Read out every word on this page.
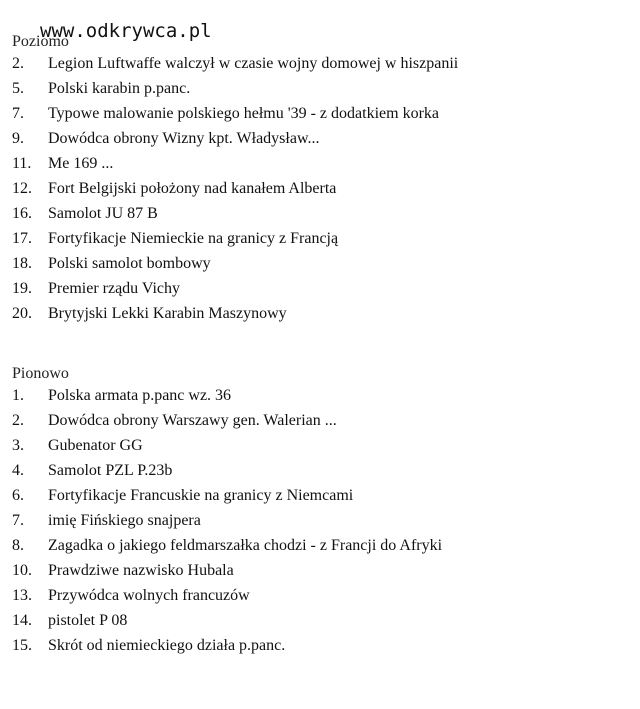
www.odkrywca.pl
Poziomo
2.	Legion Luftwaffe walczył w czasie wojny domowej w hiszpanii
5.	Polski karabin p.panc.
7.	Typowe malowanie polskiego hełmu '39 - z dodatkiem korka
9.	Dowódca obrony Wizny kpt. Władysław...
11.	Me 169 ...
12.	Fort Belgijski położony nad kanałem Alberta
16.	Samolot JU 87 B
17.	Fortyfikacje Niemieckie na granicy z Francją
18.	Polski samolot bombowy
19.	Premier rządu Vichy
20.	Brytyjski Lekki Karabin Maszynowy
Pionowo
1.	Polska armata p.panc wz. 36
2.	Dowódca obrony Warszawy gen. Walerian ...
3.	Gubenator GG
4.	Samolot PZL P.23b
6.	Fortyfikacje Francuskie na granicy z Niemcami
7.	imię Fińskiego snajpera
8.	Zagadka o jakiego feldmarszałka chodzi - z Francji do Afryki
10.	Prawdziwe nazwisko Hubala
13.	Przywódca wolnych francuzów
14.	pistolet P 08
15.	Skrót od niemieckiego działa p.panc.
